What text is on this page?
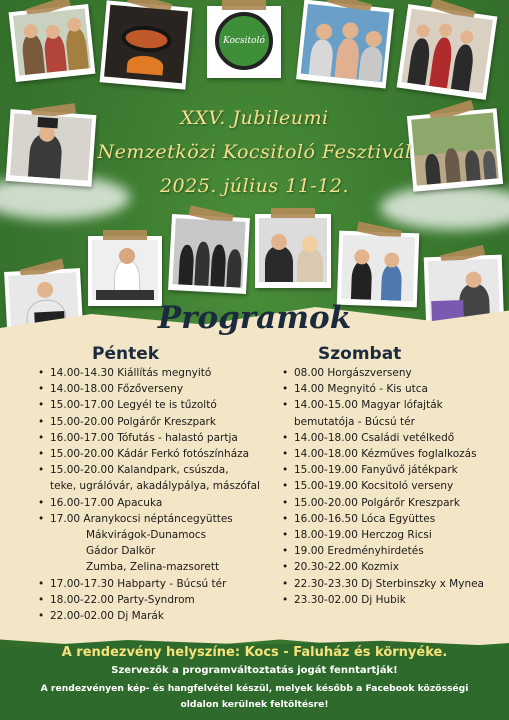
Kocsitoló
XXV. Jubileumi
Nemzetközi Kocsitoló Fesztivál
2025. július 11-12.
Programok
Péntek	Szombat
• 14.00-14.30 Kiállítás megnyitó
• 14.00-18.00 Főzőverseny
• 15.00-17.00 Legyél te is tűzoltó
• 15.00-20.00 Polgárőr Kreszpark
• 16.00-17.00 Tófutás - halastó partja
• 15.00-20.00 Kádár Ferkó fotószínháza
• 15.00-20.00 Kalandpark, csúszda,
teke, ugrálóvár, akadálypálya, mászófal
• 16.00-17.00 Apacuka
• 17.00 Aranykocsi néptáncegyüttes
Mákvirágok-Dunamocs
Gádor Dalkör
Zumba, Zelina-mazsorett
• 17.00-17.30 Habparty - Búcsú tér
• 18.00-22.00 Party-Syndrom
• 22.00-02.00 Dj Marák
• 08.00 Horgászverseny
• 14.00 Megnyitó - Kis utca
• 14.00-15.00 Magyar lófajták
bemutatója - Búcsú tér
• 14.00-18.00 Családi vetélkedő
• 14.00-18.00 Kézműves foglalkozás
• 15.00-19.00 Fanyűvő játékpark
• 15.00-19.00 Kocsitoló verseny
• 15.00-20.00 Polgárőr Kreszpark
• 16.00-16.50 Lóca Együttes
• 18.00-19.00 Herczog Ricsi
• 19.00 Eredményhirdetés
• 20.30-22.00 Kozmix
• 22.30-23.30 Dj Sterbinszky x Mynea
• 23.30-02.00 Dj Hubik
A rendezvény helyszíne: Kocs - Faluház és környéke.
Szervezők a programváltoztatás jogát fenntartják!
A rendezvényen kép- és hangfelvétel készül, melyek később a Facebook közösségi
oldalon kerülnek feltöltésre!
